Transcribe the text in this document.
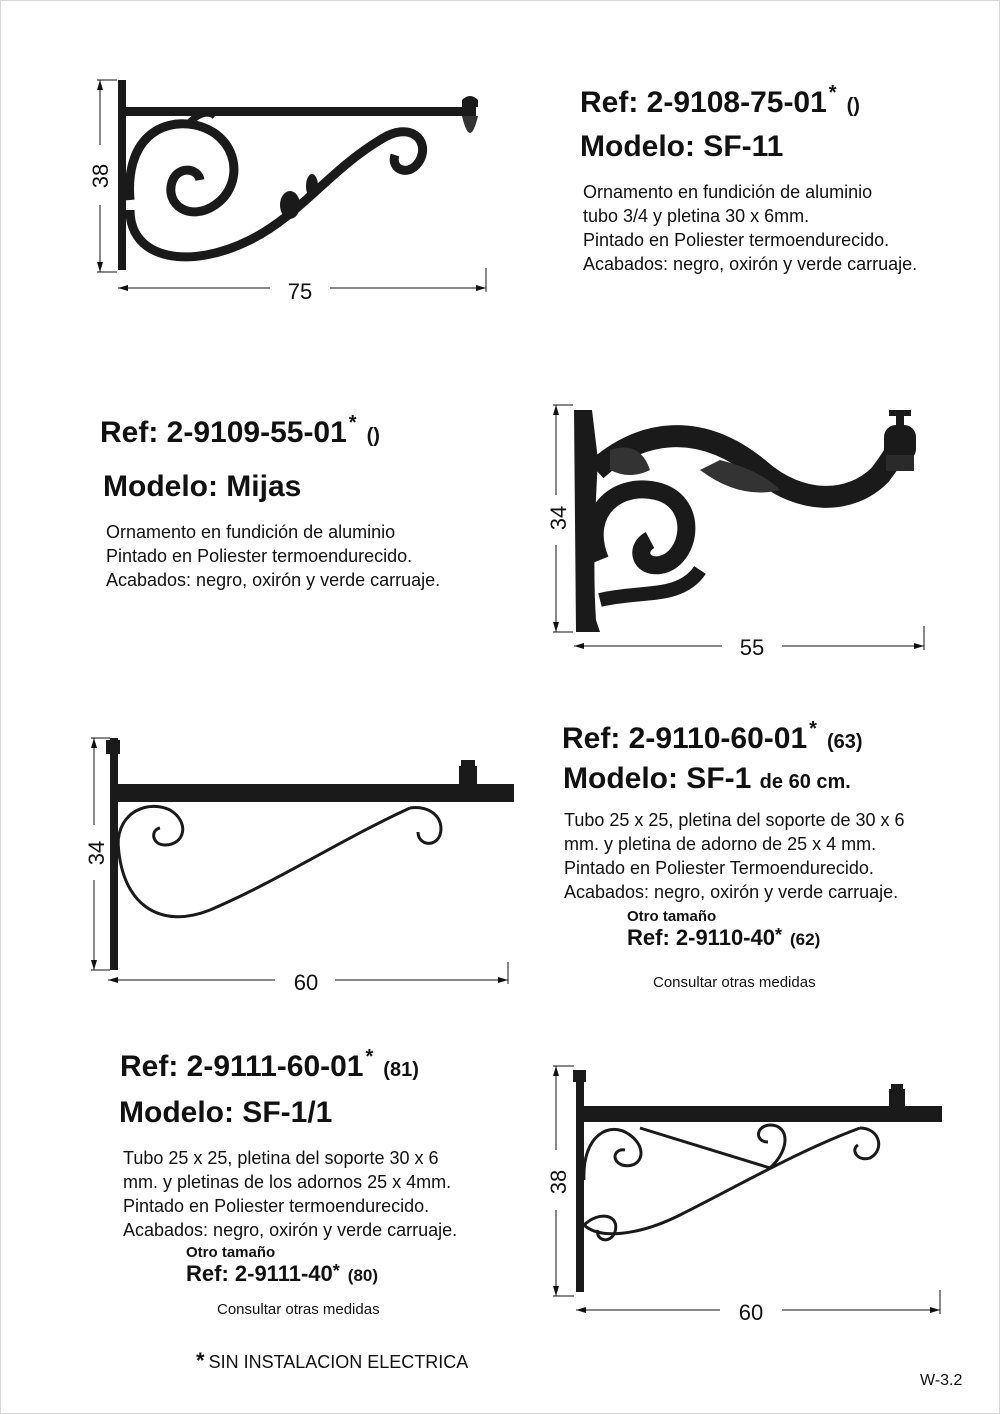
38
75
34
55
34
60
38
60
Ref: 2-9108-75-01 *()
Modelo: SF-11
Ornamento en fundición de aluminio
tubo 3/4 y pletina 30 x 6mm.
Pintado en Poliester termoendurecido.
Acabados: negro, oxirón y verde carruaje.
Ref: 2-9109-55-01 *()
Modelo: Mijas
Ornamento en fundición de aluminio
Pintado en Poliester termoendurecido.
Acabados: negro, oxirón y verde carruaje.
Ref: 2-9110-60-01 *(63)
Modelo: SF-1 de 60 cm.
Tubo 25 x 25, pletina del soporte de 30 x 6
mm. y pletina de adorno de 25 x 4 mm.
Pintado en Poliester Termoendurecido.
Acabados: negro, oxirón y verde carruaje.
Otro tamaño
Ref: 2-9110-40* (62)
Consultar otras medidas
Ref: 2-9111-60-01 *(81)
Modelo: SF-1/1
Tubo 25 x 25, pletina del soporte 30 x 6
mm. y pletinas de los adornos 25 x 4mm.
Pintado en Poliester termoendurecido.
Acabados: negro, oxirón y verde carruaje.
Otro tamaño
Ref: 2-9111-40* (80)
Consultar otras medidas
* SIN INSTALACION ELECTRICA
W-3.2
